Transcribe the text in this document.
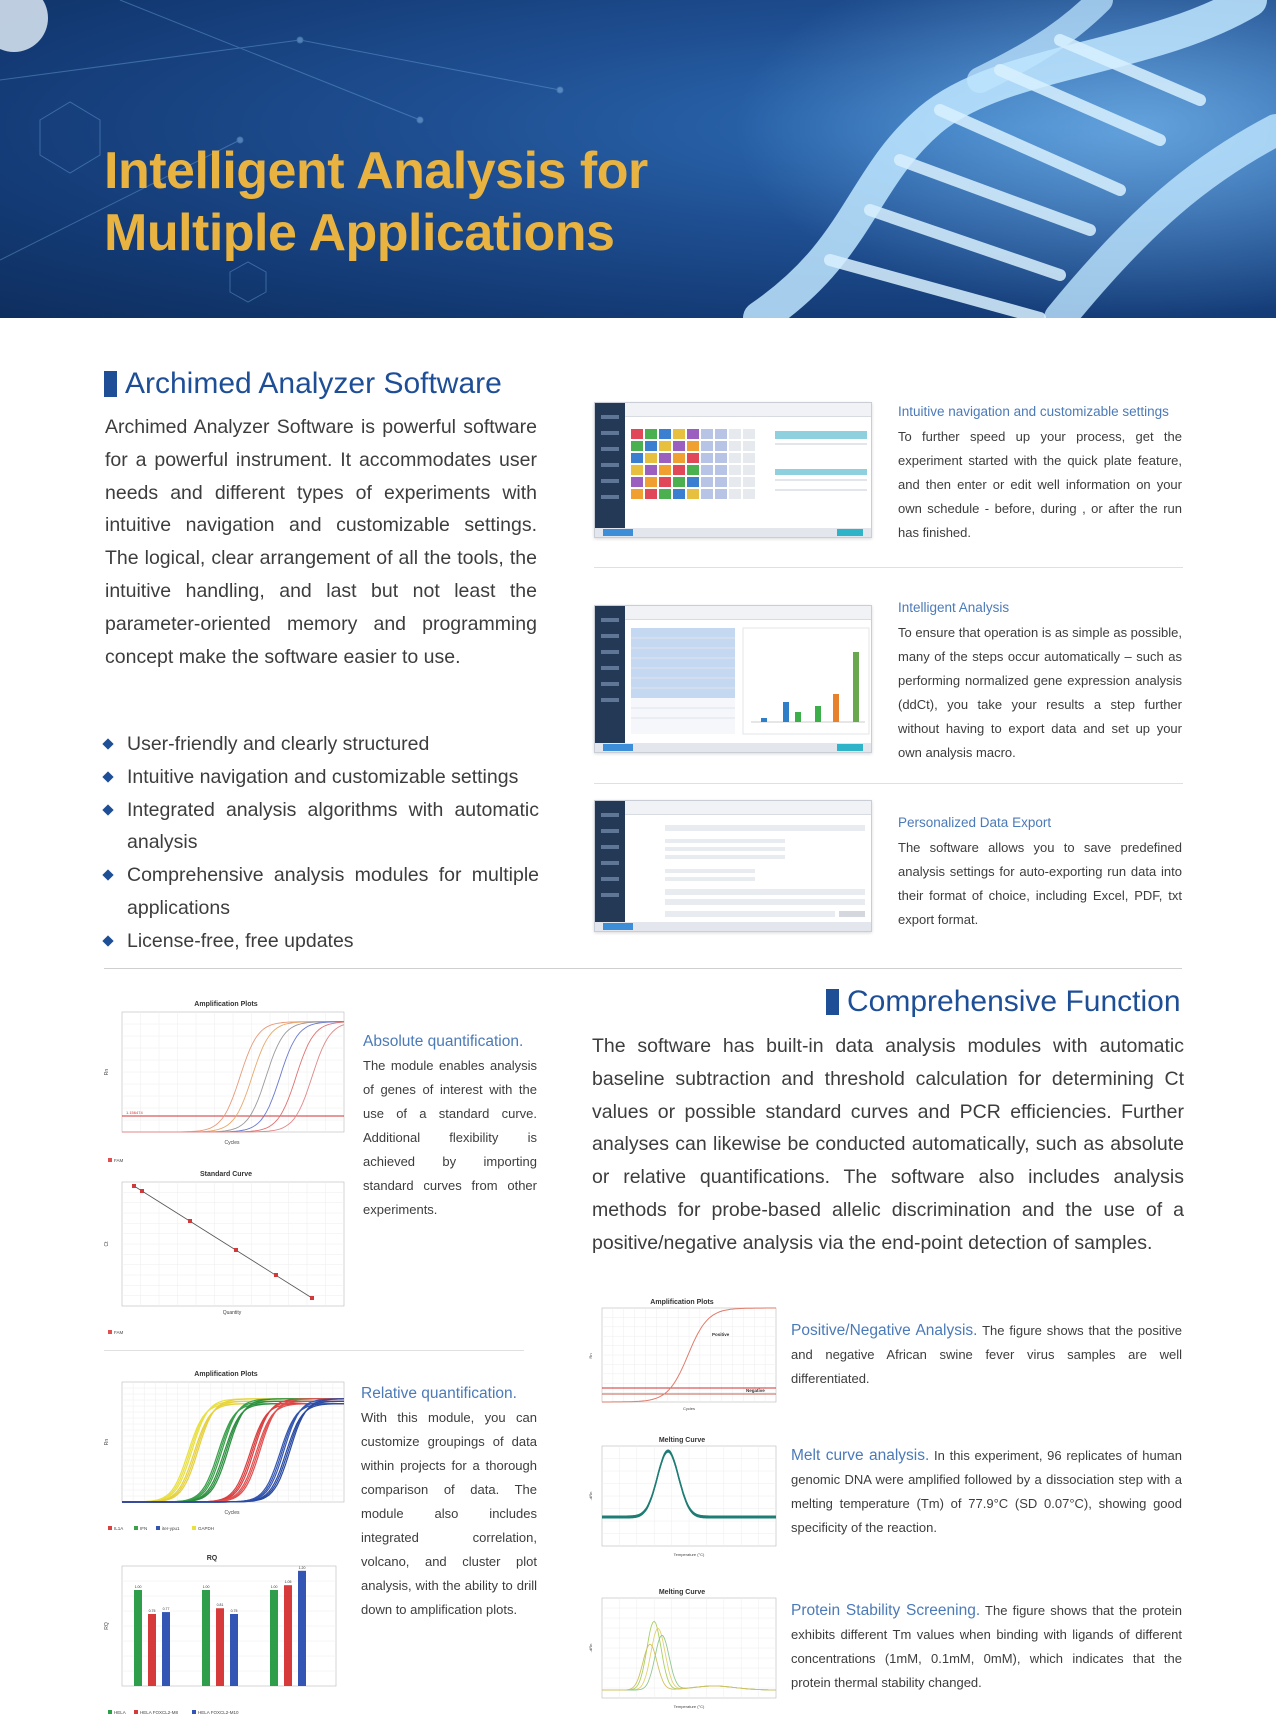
Intelligent Analysis for
Multiple Applications
Archimed Analyzer Software

Archimed Analyzer Software is powerful software for a powerful instrument. It accommodates user needs and different types of experiments with intuitive navigation and customizable settings. The logical, clear arrangement of all the tools, the intuitive handling, and last but not least the parameter-oriented memory and programming concept make the software easier to use.

User-friendly and clearly structured
Intuitive navigation and customizable settings
Integrated analysis algorithms with automatic analysis
Comprehensive analysis modules for multiple applications
License-free, free updates
Intuitive navigation and customizable settings

To further speed up your process, get the experiment started with the quick plate feature, and then enter or edit well information on your own schedule - before, during , or after the run has finished.

Intelligent Analysis

To ensure that operation is as simple as possible, many of the steps occur automatically – such as performing normalized gene expression analysis (ddCt), you take your results a step further without having to export data and set up your own analysis macro.

Personalized Data Export

The software allows you to save predefined analysis settings for auto-exporting run data into their format of choice, including Excel, PDF, txt export format.

Comprehensive Function

The software has built-in data analysis modules with automatic baseline subtraction and threshold calculation for determining Ct values or possible standard curves and PCR efficiencies. Further analyses can likewise be conducted automatically, such as absolute or relative quantifications. The software also includes analysis methods for probe-based allelic discrimination and the use of a positive/negative analysis via the end-point detection of samples.

Amplification Plots
1.156474
Cycles
Rn
FAM
Standard Curve
Quantity
Ct
FAM
Absolute quantification.

The module enables analysis of genes of interest with the use of a standard curve. Additional flexibility is achieved by importing standard curves from other experiments.

Amplification Plots
Cycles
Rn
IL1A	IFN	iter-ypu1	GAPDH
RQ
1.00	1.00	1.00
0.75
0.81
1.05
0.77	0.75
1.20
RQ
HELA	HELA FOXCL2-M8	HELA FOXCL2-M10
Relative quantification.

With this module, you can customize groupings of data within projects for a thorough comparison of data. The module also includes integrated correlation, volcano, and cluster plot analysis, with the ability to drill down to amplification plots.

Amplification Plots
Positive
Negative
Cycles
Rn
Positive/Negative Analysis. The figure shows that the positive and negative African swine fever virus samples are well differentiated.
Melting Curve
Temperature (°C)
-dRn
Melt curve analysis. In this experiment, 96 replicates of human genomic DNA were amplified followed by a dissociation step with a melting temperature (Tm) of 77.9°C (SD 0.07°C), showing good specificity of the reaction.
Melting Curve
Temperature (°C)
-dRn
Protein Stability Screening. The figure shows that the protein exhibits different Tm values when binding with ligands of different concentrations (1mM, 0.1mM, 0mM), which indicates that the protein thermal stability changed.
